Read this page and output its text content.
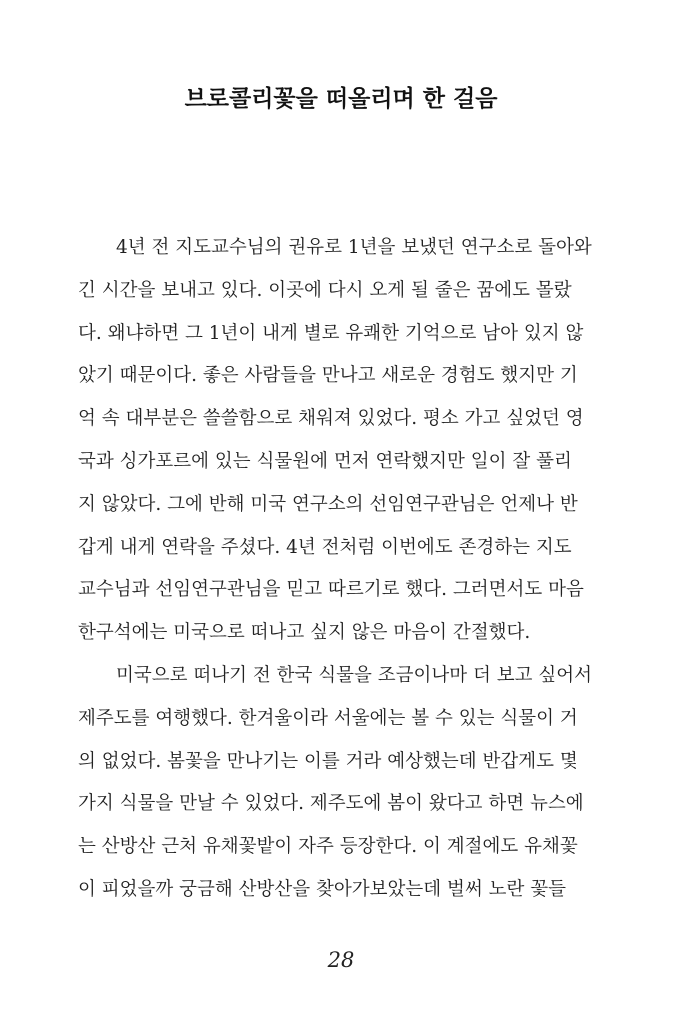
브로콜리꽃을 떠올리며 한 걸음
4년 전 지도교수님의 권유로 1년을 보냈던 연구소로 돌아와
긴 시간을 보내고 있다. 이곳에 다시 오게 될 줄은 꿈에도 몰랐
다. 왜냐하면 그 1년이 내게 별로 유쾌한 기억으로 남아 있지 않
았기 때문이다. 좋은 사람들을 만나고 새로운 경험도 했지만 기
억 속 대부분은 쓸쓸함으로 채워져 있었다. 평소 가고 싶었던 영
국과 싱가포르에 있는 식물원에 먼저 연락했지만 일이 잘 풀리
지 않았다. 그에 반해 미국 연구소의 선임연구관님은 언제나 반
갑게 내게 연락을 주셨다. 4년 전처럼 이번에도 존경하는 지도
교수님과 선임연구관님을 믿고 따르기로 했다. 그러면서도 마음
한구석에는 미국으로 떠나고 싶지 않은 마음이 간절했다.
미국으로 떠나기 전 한국 식물을 조금이나마 더 보고 싶어서
제주도를 여행했다. 한겨울이라 서울에는 볼 수 있는 식물이 거
의 없었다. 봄꽃을 만나기는 이를 거라 예상했는데 반갑게도 몇
가지 식물을 만날 수 있었다. 제주도에 봄이 왔다고 하면 뉴스에
는 산방산 근처 유채꽃밭이 자주 등장한다. 이 계절에도 유채꽃
이 피었을까 궁금해 산방산을 찾아가보았는데 벌써 노란 꽃들
28
